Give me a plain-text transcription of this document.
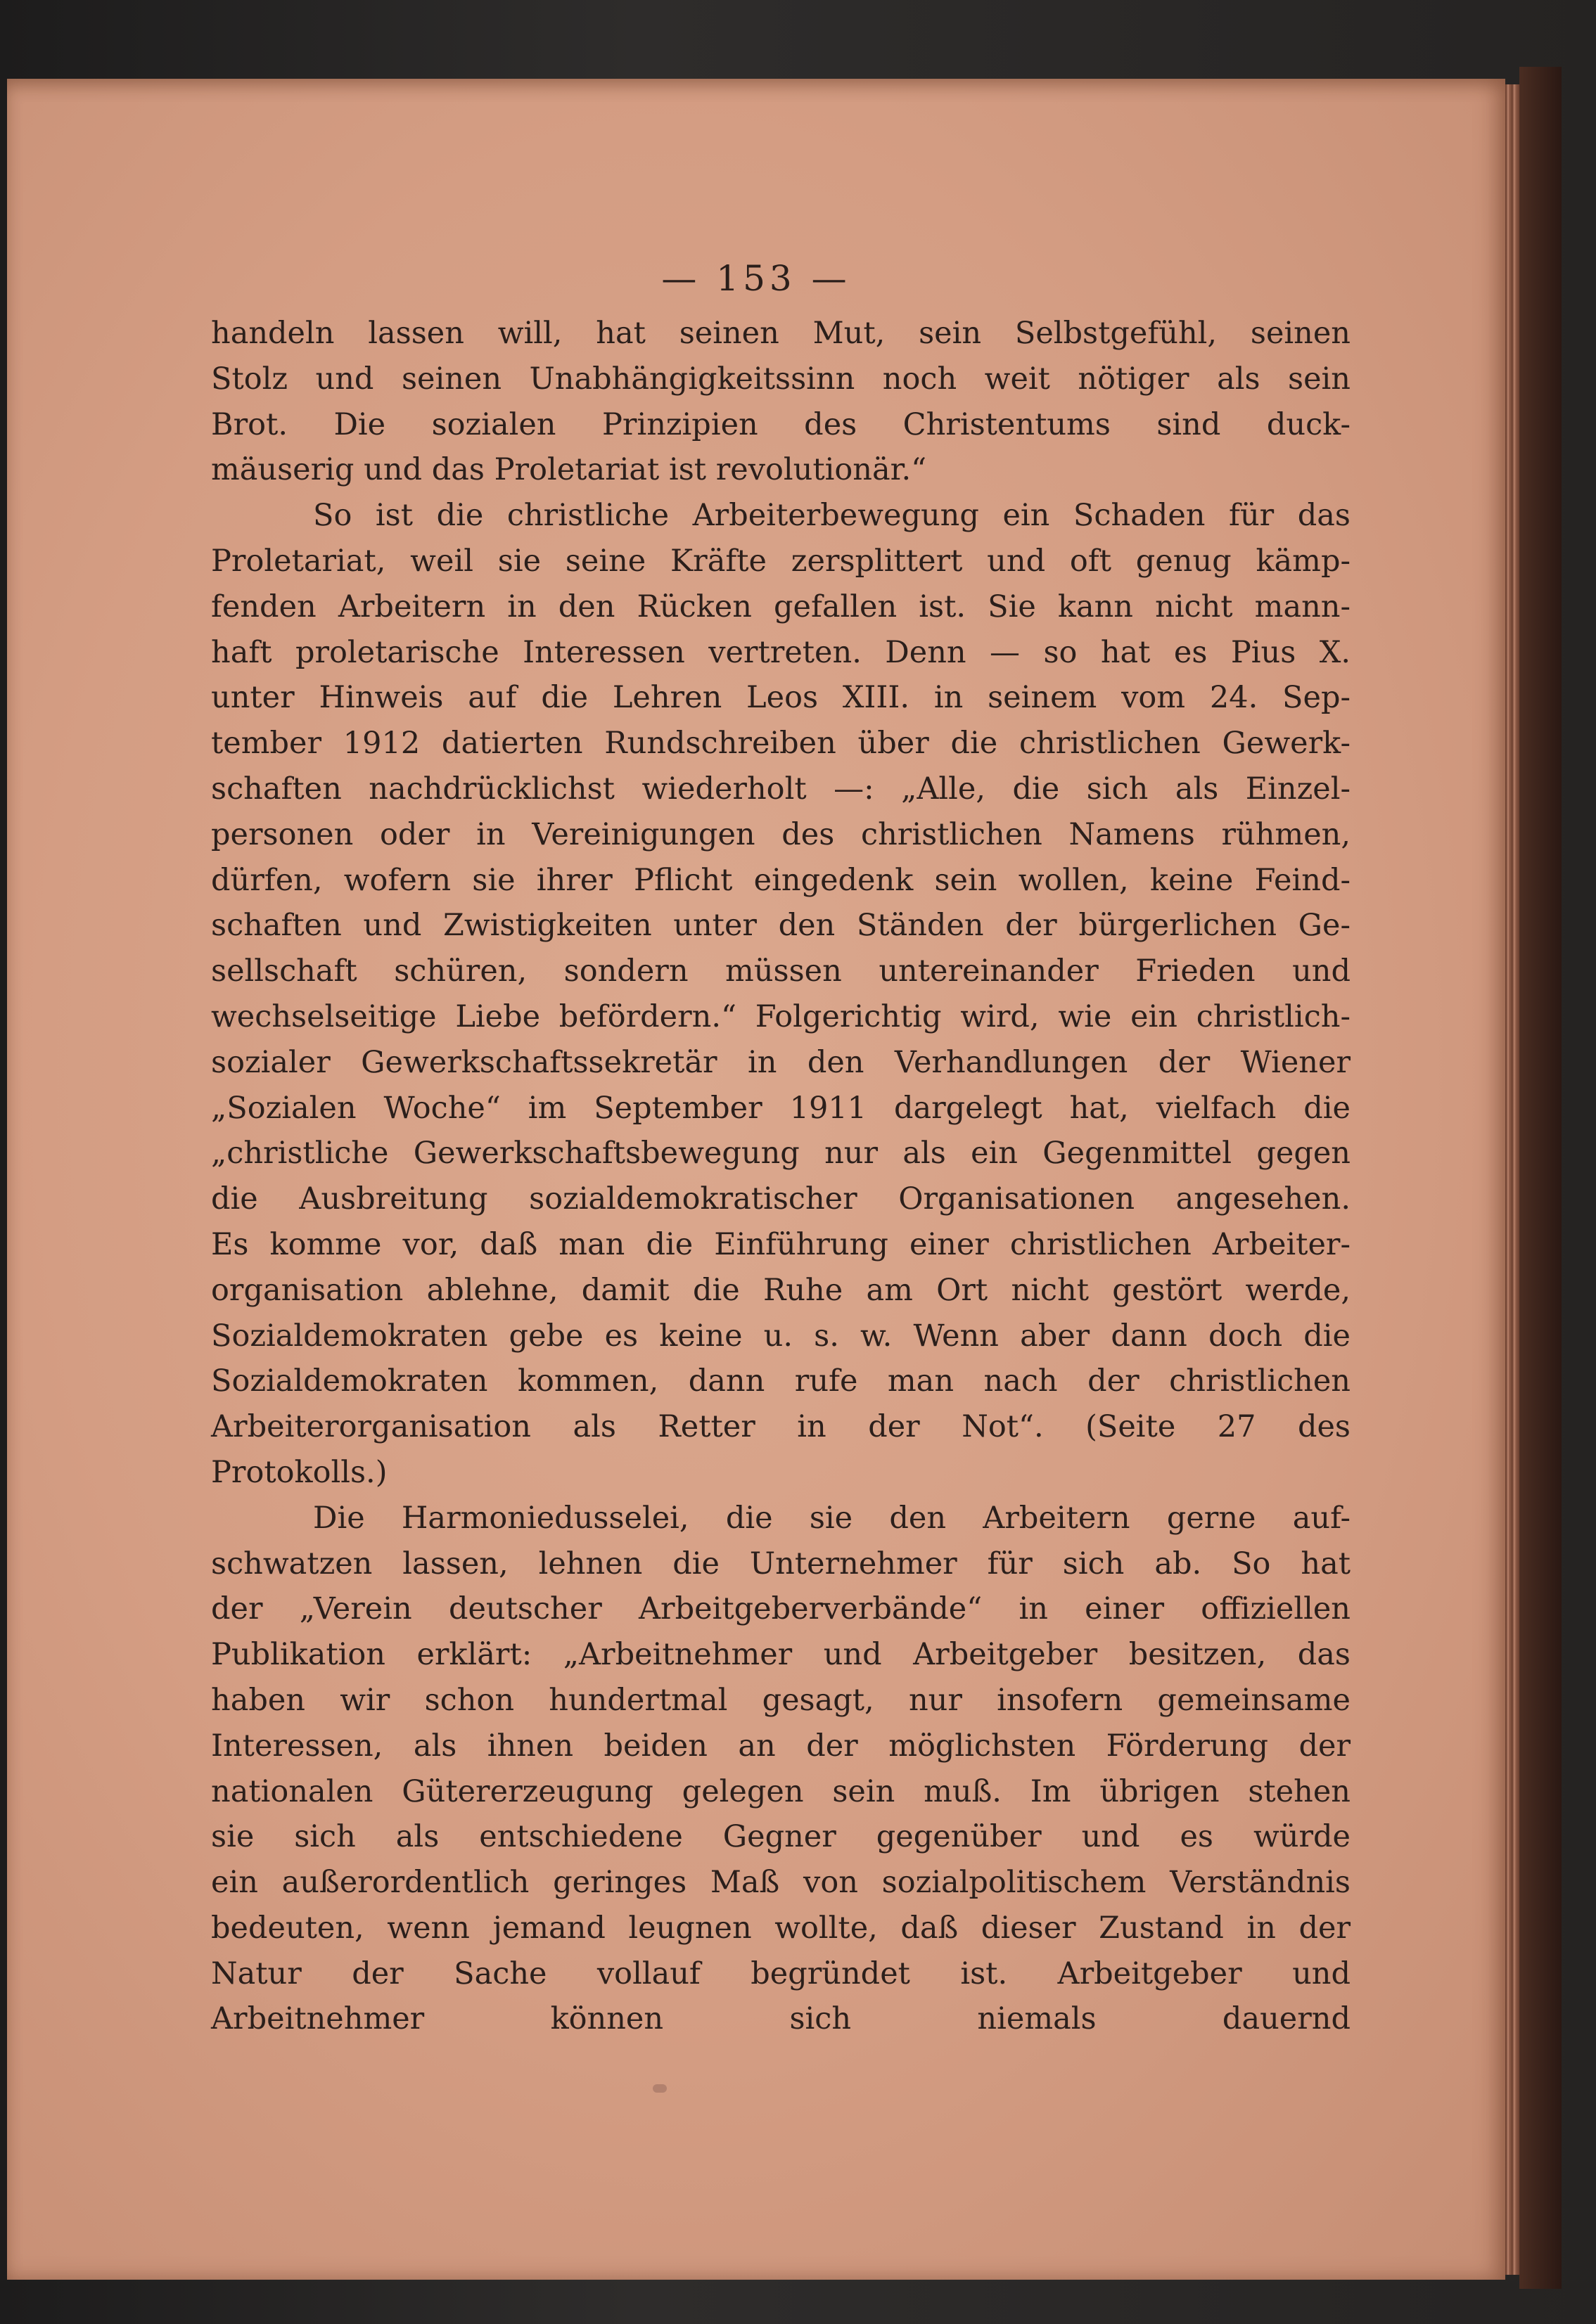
— 153 —
handeln lassen will, hat seinen Mut, sein Selbstgefühl, seinen
Stolz und seinen Unabhängigkeitssinn noch weit nötiger als sein
Brot. Die sozialen Prinzipien des Christentums sind duck-
mäuserig und das Proletariat ist revolutionär.“
So ist die christliche Arbeiterbewegung ein Schaden für das
Proletariat, weil sie seine Kräfte zersplittert und oft genug kämp-
fenden Arbeitern in den Rücken gefallen ist. Sie kann nicht mann-
haft proletarische Interessen vertreten. Denn — so hat es Pius X.
unter Hinweis auf die Lehren Leos XIII. in seinem vom 24. Sep-
tember 1912 datierten Rundschreiben über die christlichen Gewerk-
schaften nachdrücklichst wiederholt —: „Alle, die sich als Einzel-
personen oder in Vereinigungen des christlichen Namens rühmen,
dürfen, wofern sie ihrer Pflicht eingedenk sein wollen, keine Feind-
schaften und Zwistigkeiten unter den Ständen der bürgerlichen Ge-
sellschaft schüren, sondern müssen untereinander Frieden und
wechselseitige Liebe befördern.“ Folgerichtig wird, wie ein christlich-
sozialer Gewerkschaftssekretär in den Verhandlungen der Wiener
„Sozialen Woche“ im September 1911 dargelegt hat, vielfach die
„christliche Gewerkschaftsbewegung nur als ein Gegenmittel gegen
die Ausbreitung sozialdemokratischer Organisationen angesehen.
Es komme vor, daß man die Einführung einer christlichen Arbeiter-
organisation ablehne, damit die Ruhe am Ort nicht gestört werde,
Sozialdemokraten gebe es keine u. s. w. Wenn aber dann doch die
Sozialdemokraten kommen, dann rufe man nach der christlichen
Arbeiterorganisation als Retter in der Not“. (Seite 27 des
Protokolls.)
Die Harmoniedusselei, die sie den Arbeitern gerne auf-
schwatzen lassen, lehnen die Unternehmer für sich ab. So hat
der „Verein deutscher Arbeitgeberverbände“ in einer offiziellen
Publikation erklärt: „Arbeitnehmer und Arbeitgeber besitzen, das
haben wir schon hundertmal gesagt, nur insofern gemeinsame
Interessen, als ihnen beiden an der möglichsten Förderung der
nationalen Gütererzeugung gelegen sein muß. Im übrigen stehen
sie sich als entschiedene Gegner gegenüber und es würde
ein außerordentlich geringes Maß von sozialpolitischem Verständnis
bedeuten, wenn jemand leugnen wollte, daß dieser Zustand in der
Natur der Sache vollauf begründet ist. Arbeitgeber und
Arbeitnehmer können sich niemals dauernd
